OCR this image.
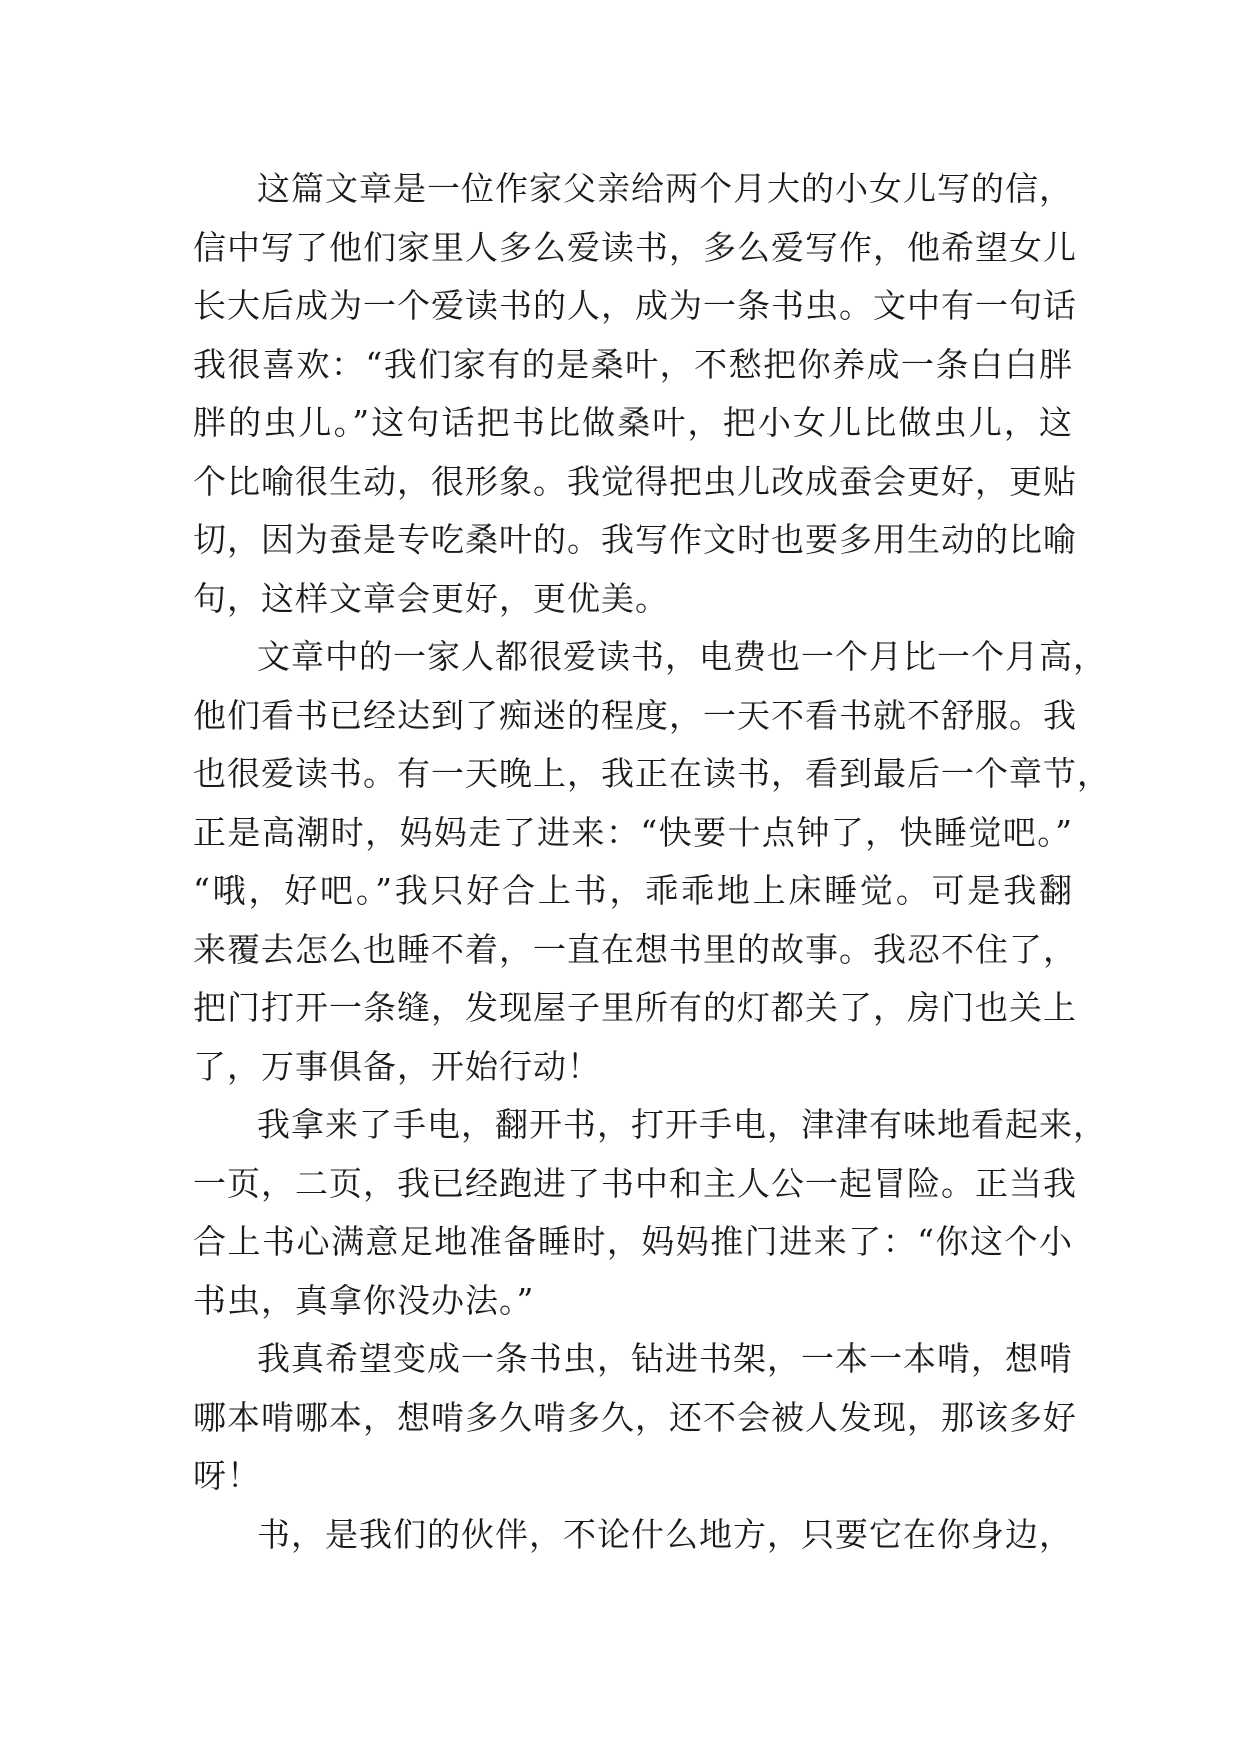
这篇文章是一位作家父亲给两个月大的小女儿写的信，
信中写了他们家里人多么爱读书，多么爱写作，他希望女儿
长大后成为一个爱读书的人，成为一条书虫。文中有一句话
我很喜欢：“我们家有的是桑叶，不愁把你养成一条白白胖
胖的虫儿。”这句话把书比做桑叶，把小女儿比做虫儿，这
个比喻很生动，很形象。我觉得把虫儿改成蚕会更好，更贴
切，因为蚕是专吃桑叶的。我写作文时也要多用生动的比喻
句，这样文章会更好，更优美。
文章中的一家人都很爱读书，电费也一个月比一个月高，
他们看书已经达到了痴迷的程度，一天不看书就不舒服。我
也很爱读书。有一天晚上，我正在读书，看到最后一个章节，
正是高潮时，妈妈走了进来：“快要十点钟了，快睡觉吧。”
“哦，好吧。”我只好合上书，乖乖地上床睡觉。可是我翻
来覆去怎么也睡不着，一直在想书里的故事。我忍不住了，
把门打开一条缝，发现屋子里所有的灯都关了，房门也关上
了，万事俱备，开始行动！
我拿来了手电，翻开书，打开手电，津津有味地看起来，
一页，二页，我已经跑进了书中和主人公一起冒险。正当我
合上书心满意足地准备睡时，妈妈推门进来了：“你这个小
书虫，真拿你没办法。”
我真希望变成一条书虫，钻进书架，一本一本啃，想啃
哪本啃哪本，想啃多久啃多久，还不会被人发现，那该多好
呀！
书，是我们的伙伴，不论什么地方，只要它在你身边，
